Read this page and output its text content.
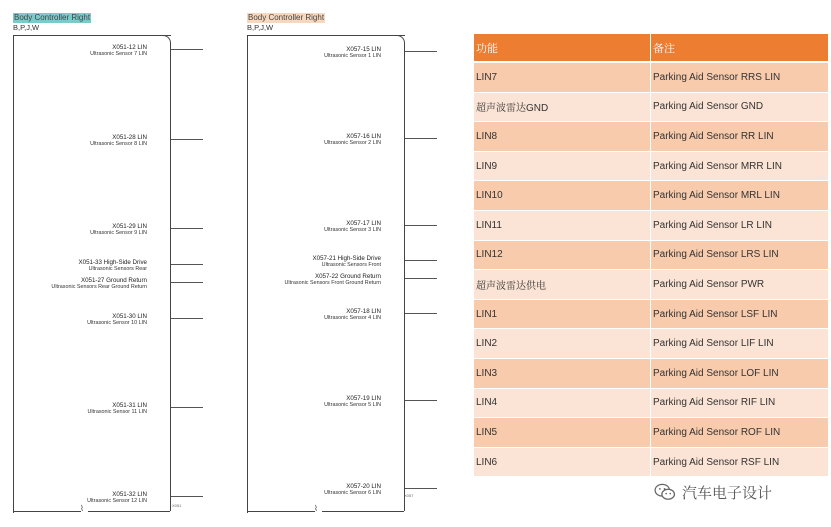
Body Controller Right
B,P,J,W
⌇
X051-12 LIN
Ultrasonic Sensor 7 LIN
X051-28 LIN
Ultrasonic Sensor 8 LIN
X051-29 LIN
Ultrasonic Sensor 9 LIN
X051-33 High-Side Drive
Ultrasonic Sensors Rear
X051-27 Ground Return
Ultrasonic Sensors Rear Ground Return
X051-30 LIN
Ultrasonic Sensor 10 LIN
X051-31 LIN
Ultrasonic Sensor 11 LIN
X051-32 LIN
Ultrasonic Sensor 12 LIN
X051
Body Controller Right
B,P,J,W
⌇
X057-15 LIN
Ultrasonic Sensor 1 LIN
X057-16 LIN
Ultrasonic Sensor 2 LIN
X057-17 LIN
Ultrasonic Sensor 3 LIN
X057-21 High-Side Drive
Ultrasonic Sensors Front
X057-22 Ground Return
Ultrasonic Sensors Front Ground Return
X057-18 LIN
Ultrasonic Sensor 4 LIN
X057-19 LIN
Ultrasonic Sensor 5 LIN
X057-20 LIN
Ultrasonic Sensor 6 LIN	X057
功能	备注
LIN7	Parking Aid Sensor RRS LIN
超声波雷达GND	Parking Aid Sensor GND
LIN8	Parking Aid Sensor RR LIN
LIN9	Parking Aid Sensor MRR LIN
LIN10	Parking Aid Sensor MRL LIN
LIN11	Parking Aid Sensor LR LIN
LIN12	Parking Aid Sensor LRS LIN
超声波雷达供电	Parking Aid Sensor PWR
LIN1	Parking Aid Sensor LSF LIN
LIN2	Parking Aid Sensor LIF LIN
LIN3	Parking Aid Sensor LOF LIN
LIN4	Parking Aid Sensor RIF LIN
LIN5	Parking Aid Sensor ROF LIN
LIN6	Parking Aid Sensor RSF LIN
汽车电子设计
